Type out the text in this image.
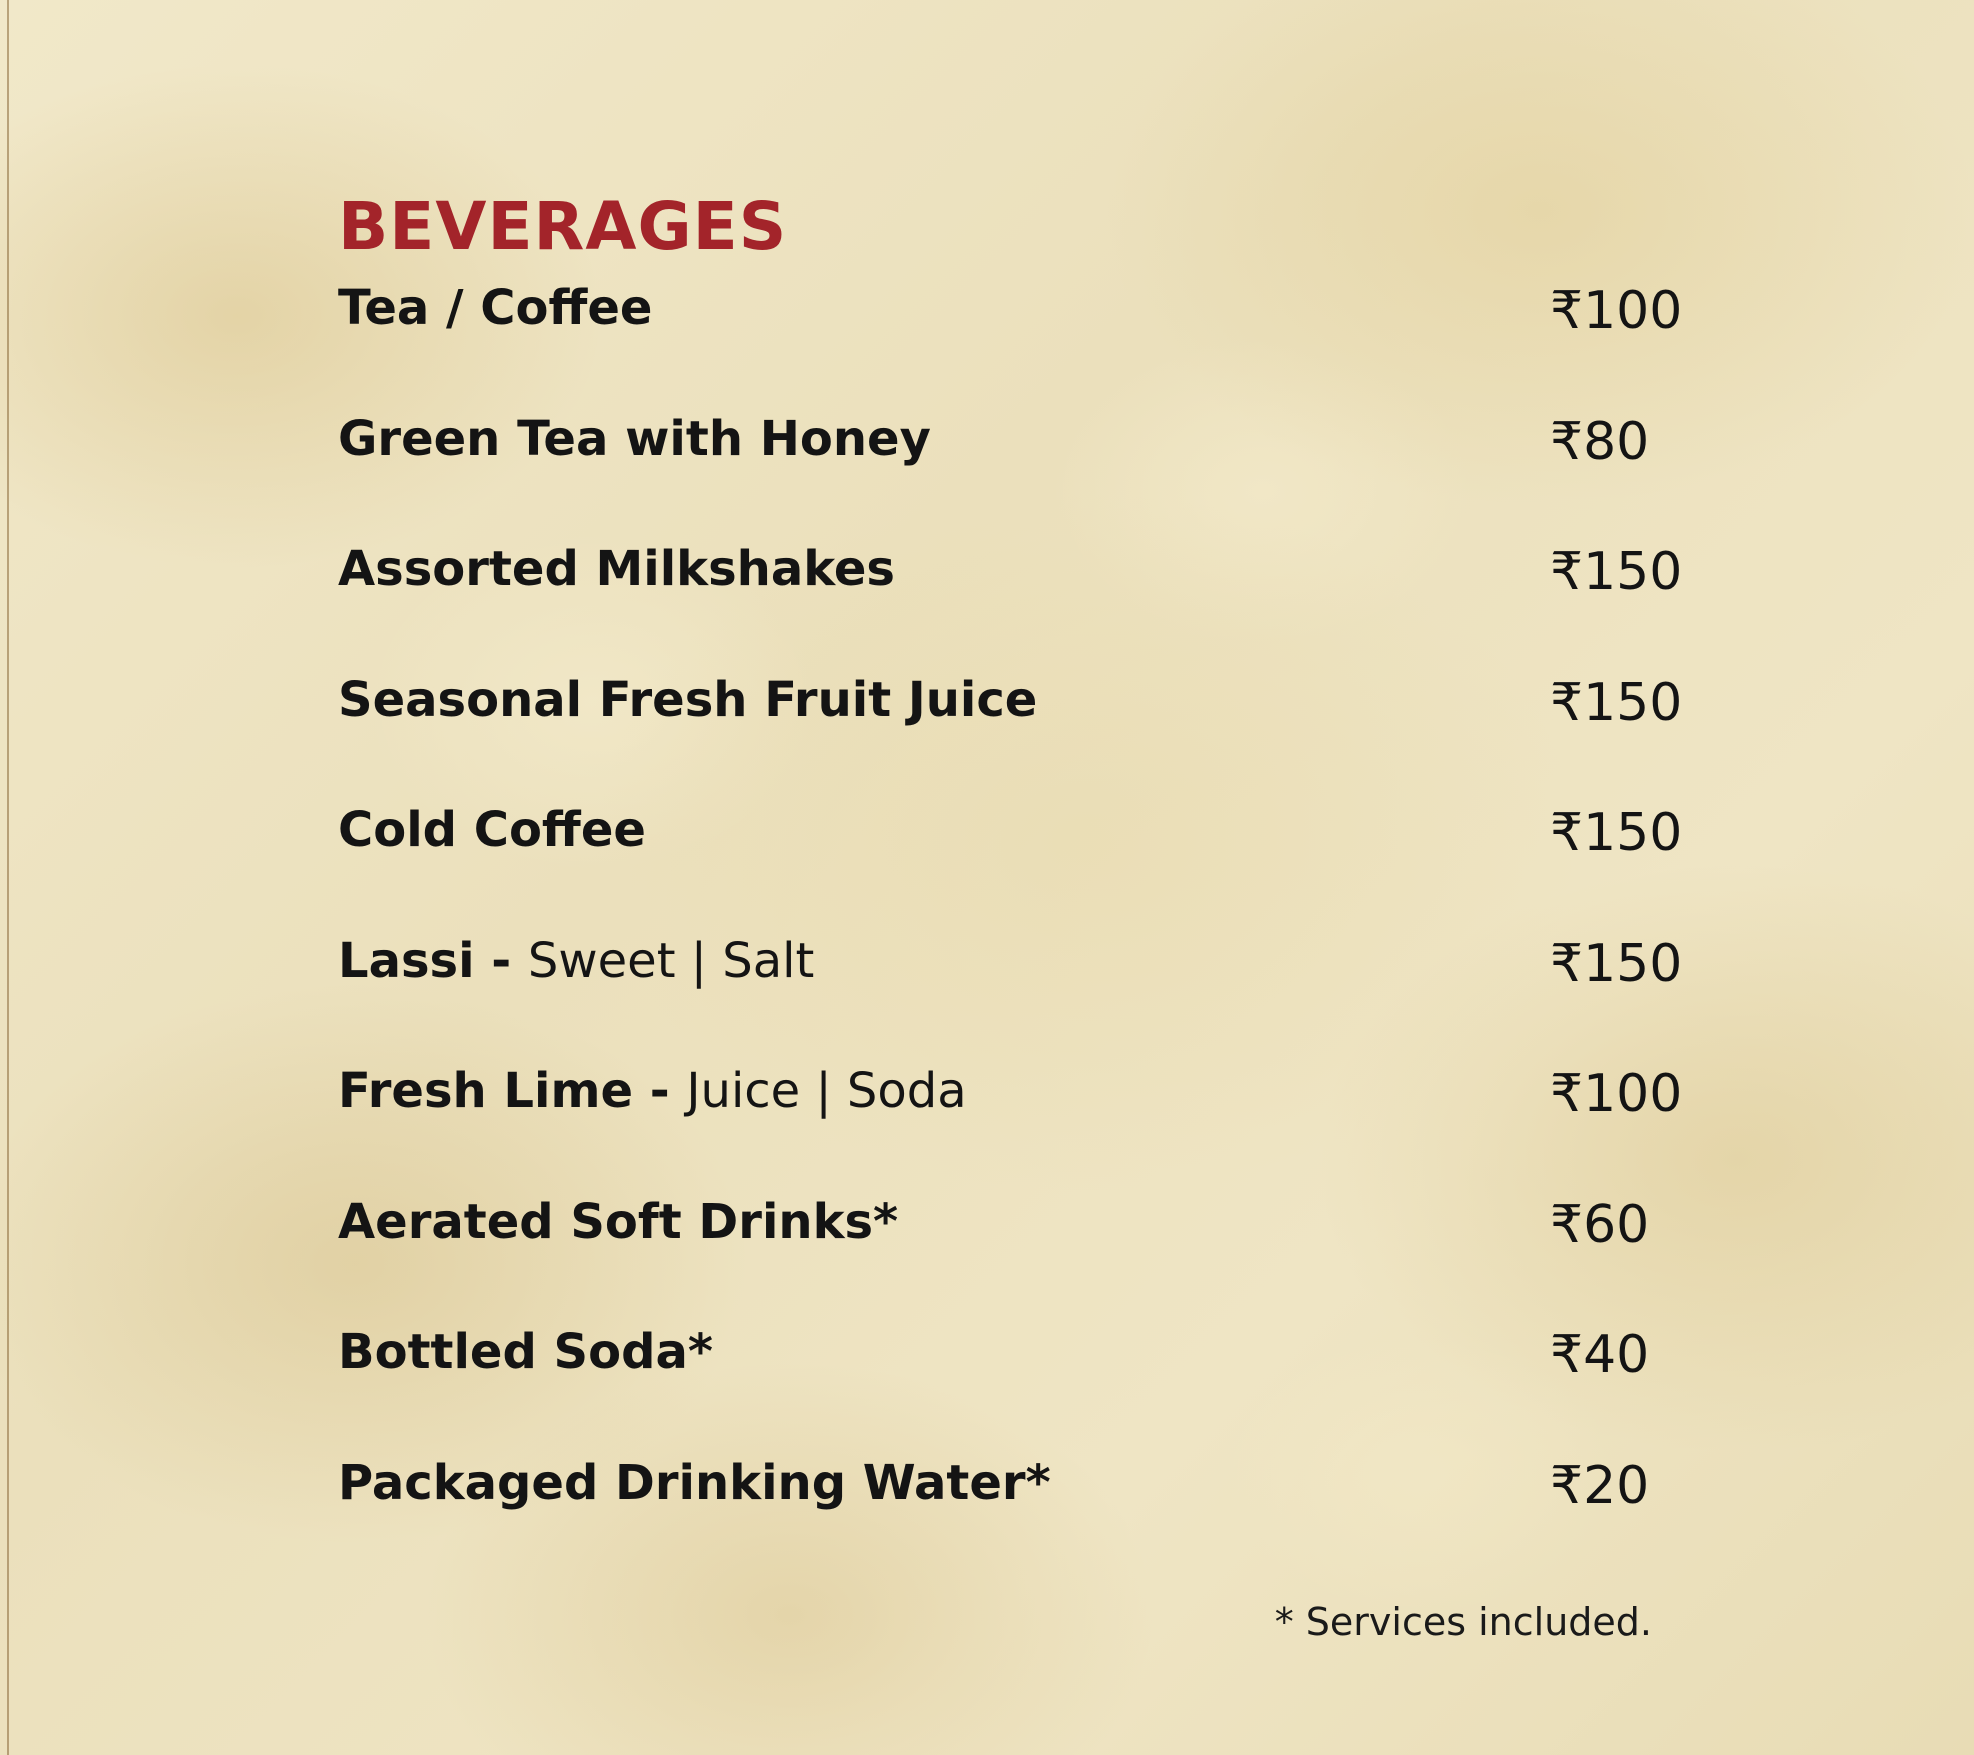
BEVERAGES
Tea / Coffee	₹100
Green Tea with Honey	₹80
Assorted Milkshakes	₹150
Seasonal Fresh Fruit Juice	₹150
Cold Coffee	₹150
Lassi - Sweet | Salt	₹150
Fresh Lime - Juice | Soda	₹100
Aerated Soft Drinks*	₹60
Bottled Soda*	₹40
Packaged Drinking Water*	₹20
* Services included.
